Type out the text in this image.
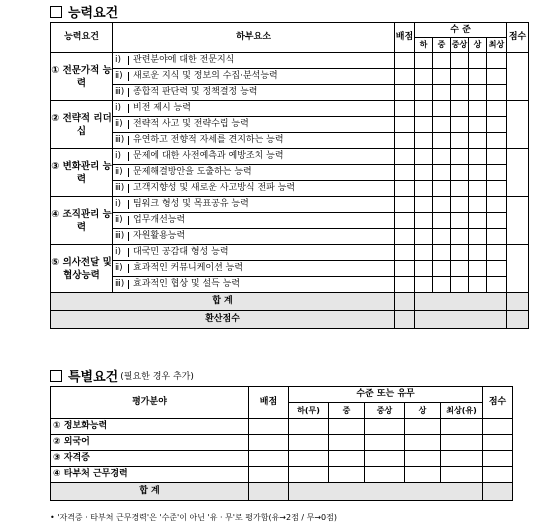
능력요건
능력요건	하부요소	배점	수 준					점수
			하	중	중상	상	최상	
① 전문가적 능력	ⅰ) 관련분야에 대한 전문지식							
	ⅱ) 새로운 지식 및 정보의 수집·분석능력							
	ⅲ) 종합적 판단력 및 정책결정 능력							
② 전략적 리더십	ⅰ) 비전 제시 능력							
	ⅱ) 전략적 사고 및 전략수립 능력							
	ⅲ) 유연하고 전향적 자세를 견지하는 능력							
③ 변화관리 능력	ⅰ) 문제에 대한 사전예측과 예방조치 능력							
	ⅱ) 문제해결방안을 도출하는 능력							
	ⅲ) 고객지향성 및 새로운 사고방식 전파 능력							
④ 조직관리 능력	ⅰ) 팀워크 형성 및 목표공유 능력							
	ⅱ) 업무개선능력							
	ⅲ) 자원활용능력							
⑤ 의사전달 및 협상능력	ⅰ) 대국민 공감대 형성 능력							
	ⅱ) 효과적인 커뮤니케이션 능력							
	ⅲ) 효과적인 협상 및 설득 능력							
합 계								
환산점수								
특별요건 (필요한 경우 추가)
평가분야	배점	수준 또는 유무					점수
		하(무)	중	중상	상	최상(유)	
① 정보화능력							
② 외국어							
③ 자격증							
④ 타부처 근무경력							
합 계							
• '자격증 · 타부처 근무경력'은 '수준'이 아닌 '유 · 무'로 평가함(유→2점 / 무→0점)
